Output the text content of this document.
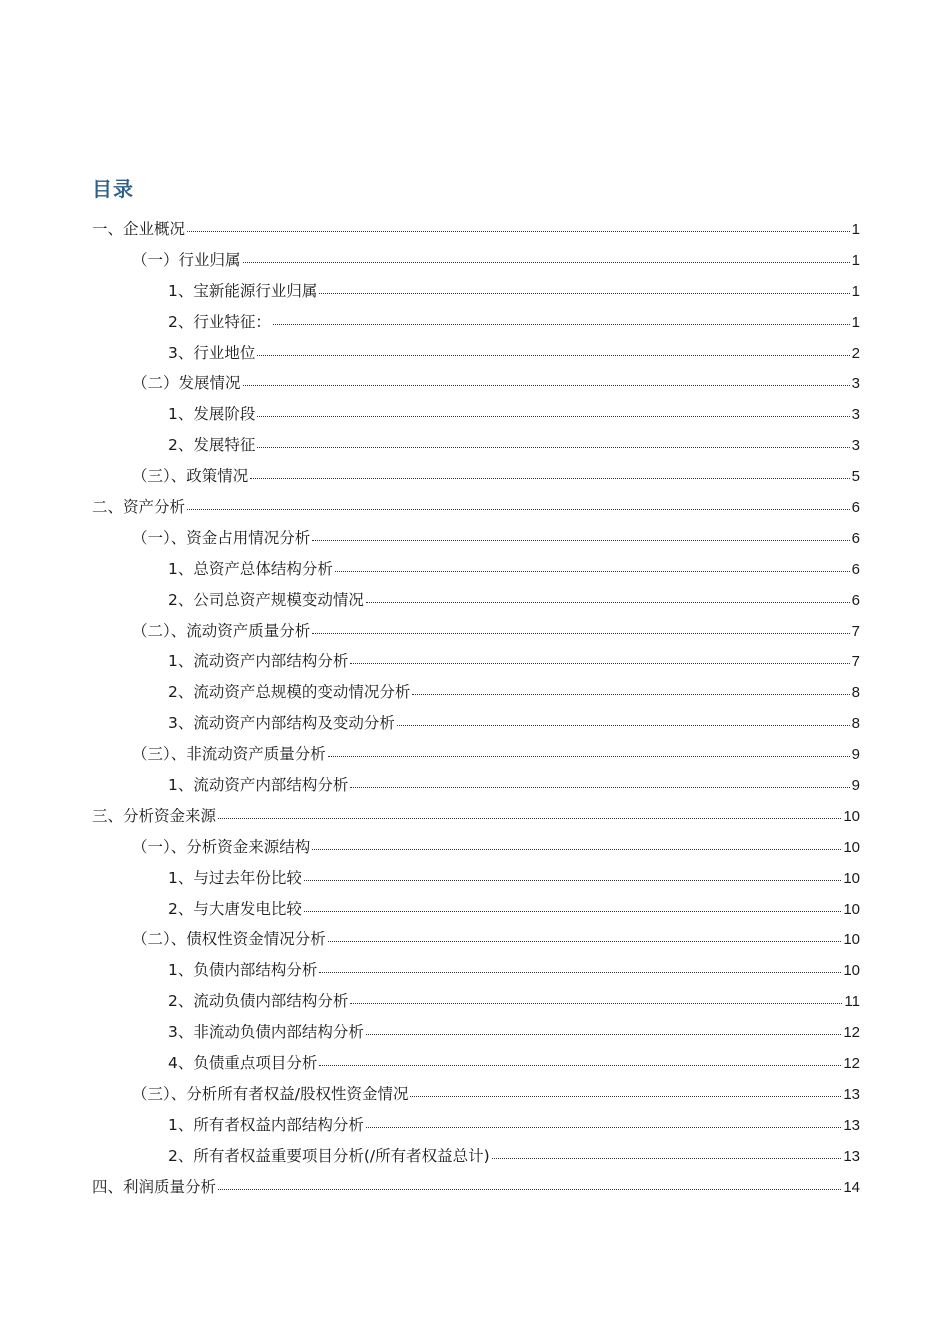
目录
一、企业概况	1
（一）行业归属	1
1、宝新能源行业归属	1
2、行业特征：	1
3、行业地位	2
（二）发展情况	3
1、发展阶段	3
2、发展特征	3
（三）、政策情况	5
二、资产分析	6
（一）、资金占用情况分析	6
1、总资产总体结构分析	6
2、公司总资产规模变动情况	6
（二）、流动资产质量分析	7
1、流动资产内部结构分析	7
2、流动资产总规模的变动情况分析	8
3、流动资产内部结构及变动分析	8
（三）、非流动资产质量分析	9
1、流动资产内部结构分析	9
三、分析资金来源	10
（一）、分析资金来源结构	10
1、与过去年份比较	10
2、与大唐发电比较	10
（二）、债权性资金情况分析	10
1、负债内部结构分析	10
2、流动负债内部结构分析	11
3、非流动负债内部结构分析	12
4、负债重点项目分析	12
（三）、分析所有者权益/股权性资金情况	13
1、所有者权益内部结构分析	13
2、所有者权益重要项目分析(/所有者权益总计)	13
四、利润质量分析	14
